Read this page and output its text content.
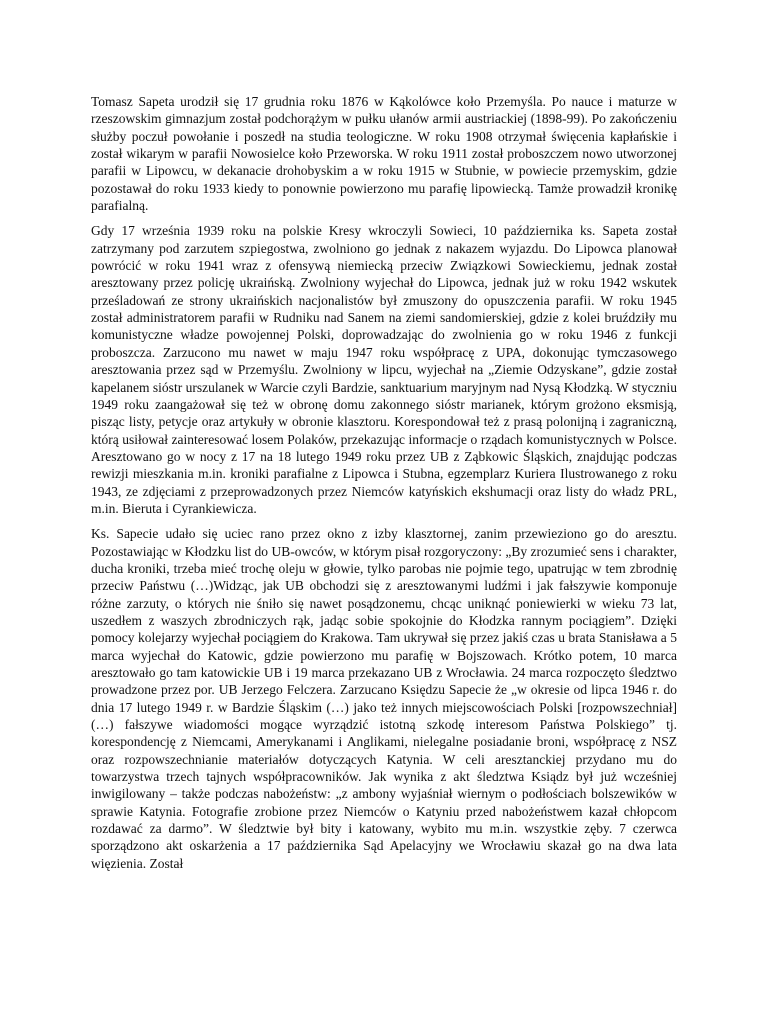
Tomasz Sapeta urodził się 17 grudnia roku 1876 w Kąkolówce koło Przemyśla. Po nauce i maturze w rzeszowskim gimnazjum został podchorążym w pułku ułanów armii austriackiej (1898-99). Po zakończeniu służby poczuł powołanie i poszedł na studia teologiczne. W roku 1908 otrzymał święcenia kapłańskie i został wikarym w parafii Nowosielce koło Przeworska. W roku 1911 został proboszczem nowo utworzonej parafii w Lipowcu, w dekanacie drohobyskim a w roku 1915 w Stubnie, w powiecie przemyskim, gdzie pozostawał do roku 1933 kiedy to ponownie powierzono mu parafię lipowiecką. Tamże prowadził kronikę parafialną.

Gdy 17 września 1939 roku na polskie Kresy wkroczyli Sowieci, 10 października ks. Sapeta został zatrzymany pod zarzutem szpiegostwa, zwolniono go jednak z nakazem wyjazdu. Do Lipowca planował powrócić w roku 1941 wraz z ofensywą niemiecką przeciw Związkowi Sowieckiemu, jednak został aresztowany przez policję ukraińską. Zwolniony wyjechał do Lipowca, jednak już w roku 1942 wskutek prześladowań ze strony ukraińskich nacjonalistów był zmuszony do opuszczenia parafii. W roku 1945 został administratorem parafii w Rudniku nad Sanem na ziemi sandomierskiej, gdzie z kolei bruździły mu komunistyczne władze powojennej Polski, doprowadzając do zwolnienia go w roku 1946 z funkcji proboszcza. Zarzucono mu nawet w maju 1947 roku współpracę z UPA, dokonując tymczasowego aresztowania przez sąd w Przemyślu. Zwolniony w lipcu, wyjechał na „Ziemie Odzyskane”, gdzie został kapelanem sióstr urszulanek w Warcie czyli Bardzie, sanktuarium maryjnym nad Nysą Kłodzką. W styczniu 1949 roku zaangażował się też w obronę domu zakonnego sióstr marianek, którym grożono eksmisją, pisząc listy, petycje oraz artykuły w obronie klasztoru. Korespondował też z prasą polonijną i zagraniczną, którą usiłował zainteresować losem Polaków, przekazując informacje o rządach komunistycznych w Polsce. Aresztowano go w nocy z 17 na 18 lutego 1949 roku przez UB z Ząbkowic Śląskich, znajdując podczas rewizji mieszkania m.in. kroniki parafialne z Lipowca i Stubna, egzemplarz Kuriera Ilustrowanego z roku 1943, ze zdjęciami z przeprowadzonych przez Niemców katyńskich ekshumacji oraz listy do władz PRL, m.in. Bieruta i Cyrankiewicza.

Ks. Sapecie udało się uciec rano przez okno z izby klasztornej, zanim przewieziono go do aresztu. Pozostawiając w Kłodzku list do UB-owców, w którym pisał rozgoryczony: „By zrozumieć sens i charakter, ducha kroniki, trzeba mieć trochę oleju w głowie, tylko parobas nie pojmie tego, upatrując w tem zbrodnię przeciw Państwu (…)Widząc, jak UB obchodzi się z aresztowanymi ludźmi i jak fałszywie komponuje różne zarzuty, o których nie śniło się nawet posądzonemu, chcąc uniknąć poniewierki w wieku 73 lat, uszedłem z waszych zbrodniczych rąk, jadąc sobie spokojnie do Kłodzka rannym pociągiem”. Dzięki pomocy kolejarzy wyjechał pociągiem do Krakowa. Tam ukrywał się przez jakiś czas u brata Stanisława a 5 marca wyjechał do Katowic, gdzie powierzono mu parafię w Bojszowach. Krótko potem, 10 marca aresztowało go tam katowickie UB i 19 marca przekazano UB z Wrocławia. 24 marca rozpoczęto śledztwo prowadzone przez por. UB Jerzego Felczera. Zarzucano Księdzu Sapecie że „w okresie od lipca 1946 r. do dnia 17 lutego 1949 r. w Bardzie Śląskim (…) jako też innych miejscowościach Polski [rozpowszechniał] (…) fałszywe wiadomości mogące wyrządzić istotną szkodę interesom Państwa Polskiego” tj. korespondencję z Niemcami, Amerykanami i Anglikami, nielegalne posiadanie broni, współpracę z NSZ oraz rozpowszechnianie materiałów dotyczących Katynia. W celi aresztanckiej przydano mu do towarzystwa trzech tajnych współpracowników. Jak wynika z akt śledztwa Ksiądz był już wcześniej inwigilowany – także podczas nabożeństw: „z ambony wyjaśniał wiernym o podłościach bolszewików w sprawie Katynia. Fotografie zrobione przez Niemców o Katyniu przed nabożeństwem kazał chłopcom rozdawać za darmo”. W śledztwie był bity i katowany, wybito mu m.in. wszystkie zęby. 7 czerwca sporządzono akt oskarżenia a 17 października Sąd Apelacyjny we Wrocławiu skazał go na dwa lata więzienia. Został
